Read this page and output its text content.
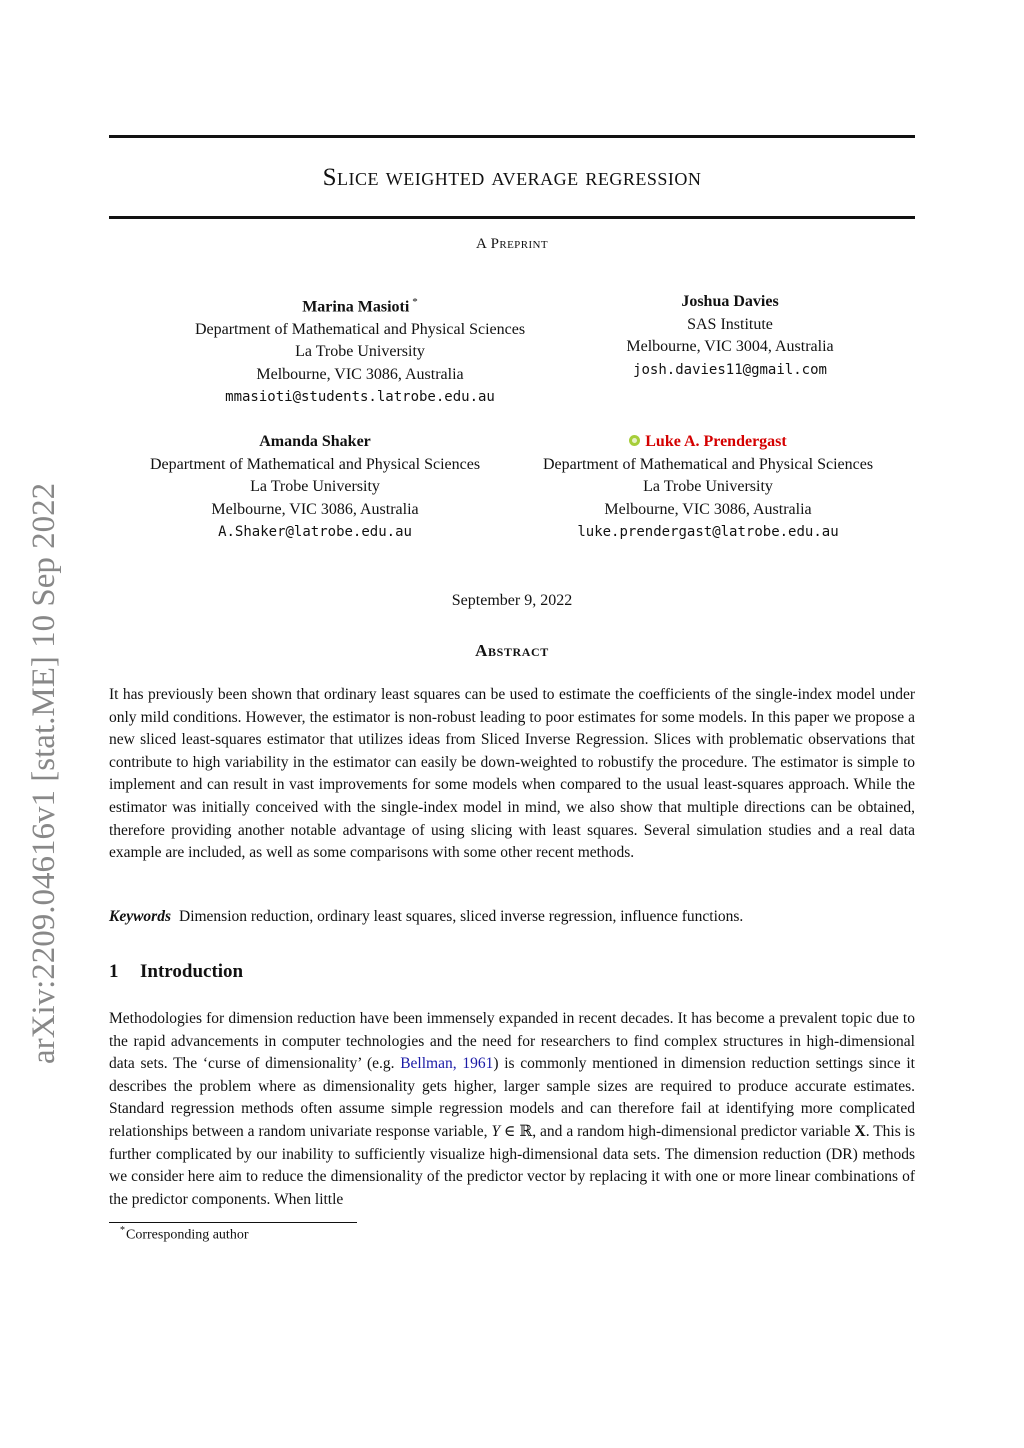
arXiv:2209.04616v1 [stat.ME] 10 Sep 2022
Slice weighted average regression
A Preprint
Marina Masioti *
Department of Mathematical and Physical Sciences
La Trobe University
Melbourne, VIC 3086, Australia
mmasioti@students.latrobe.edu.au
Joshua Davies
SAS Institute
Melbourne, VIC 3004, Australia
josh.davies11@gmail.com
Amanda Shaker
Department of Mathematical and Physical Sciences
La Trobe University
Melbourne, VIC 3086, Australia
A.Shaker@latrobe.edu.au
Luke A. Prendergast
Department of Mathematical and Physical Sciences
La Trobe University
Melbourne, VIC 3086, Australia
luke.prendergast@latrobe.edu.au
September 9, 2022
Abstract

It has previously been shown that ordinary least squares can be used to estimate the coefficients of the single-index model under only mild conditions. However, the estimator is non-robust leading to poor estimates for some models. In this paper we propose a new sliced least-squares estimator that utilizes ideas from Sliced Inverse Regression. Slices with problematic observations that contribute to high variability in the estimator can easily be down-weighted to robustify the procedure. The estimator is simple to implement and can result in vast improvements for some models when compared to the usual least-squares approach. While the estimator was initially conceived with the single-index model in mind, we also show that multiple directions can be obtained, therefore providing another notable advantage of using slicing with least squares. Several simulation studies and a real data example are included, as well as some comparisons with some other recent methods.

Keywords Dimension reduction, ordinary least squares, sliced inverse regression, influence functions.
1 Introduction

Methodologies for dimension reduction have been immensely expanded in recent decades. It has become a prevalent topic due to the rapid advancements in computer technologies and the need for researchers to find complex structures in high-dimensional data sets. The ‘curse of dimensionality’ (e.g. Bellman, 1961) is commonly mentioned in dimension reduction settings since it describes the problem where as dimensionality gets higher, larger sample sizes are required to produce accurate estimates. Standard regression methods often assume simple regression models and can therefore fail at identifying more complicated relationships between a random univariate response variable, Y ∈ ℝ, and a random high-dimensional predictor variable X. This is further complicated by our inability to sufficiently visualize high-dimensional data sets. The dimension reduction (DR) methods we consider here aim to reduce the dimensionality of the predictor vector by replacing it with one or more linear combinations of the predictor components. When little

*Corresponding author
